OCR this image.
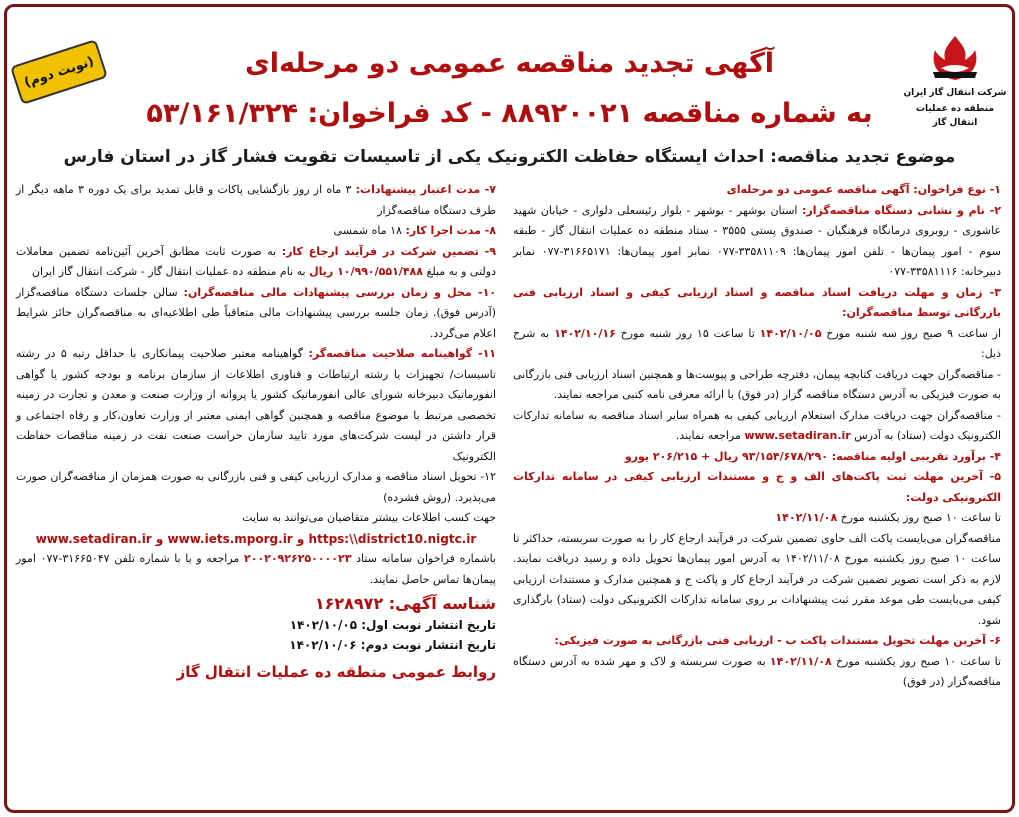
شرکت انتقال گاز ایران
منطقه ده عملیات انتقال گاز
(نوبت دوم)	آگهی تجدید مناقصه عمومی دو مرحله‌ای
به شماره مناقصه ۸۸۹۲۰۰۲۱ - کد فراخوان: ۵۳/۱۶۱/۳۲۴
موضوع تجدید مناقصه: احداث ایستگاه حفاظت الکترونیک یکی از تاسیسات تقویت فشار گاز در استان فارس
۱- نوع فراخوان: آگهی مناقصه عمومی دو مرحله‌ای
۲- نام و نشانی دستگاه مناقصه‌گزار: استان بوشهر - بوشهر - بلوار رئیسعلی دلواری - خیابان شهید عاشوری - روبروی درمانگاه فرهنگیان - صندوق پستی ۳۵۵۵ - ستاد منطقه ده عملیات انتقال گاز - طبقه سوم - امور پیمان‌ها - تلفن امور پیمان‌ها: ۳۳۵۸۱۱۰۹-۰۷۷ نمابر امور پیمان‌ها: ۳۱۶۶۵۱۷۱-۰۷۷ نمابر دبیرخانه: ۳۳۵۸۱۱۱۶-۰۷۷
۳- زمان و مهلت دریافت اسناد مناقصه و اسناد ارزیابی کیفی و اسناد ارزیابی فنی بازرگانی توسط مناقصه‌گران:
از ساعت ۹ صبح روز سه شنبه مورخ ۱۴۰۲/۱۰/۰۵ تا ساعت ۱۵ روز شنبه مورخ ۱۴۰۲/۱۰/۱۶ به شرح ذیل:
- مناقصه‌گران جهت دریافت کتابچه پیمان، دفترچه طراحی و پیوست‌ها و همچنین اسناد ارزیابی فنی بازرگانی به صورت فیزیکی به آدرس دستگاه مناقصه گزار (در فوق) با ارائه معرفی نامه کتبی مراجعه نمایند.
- مناقصه‌گران جهت دریافت مدارک استعلام ارزیابی کیفی به همراه سایر اسناد مناقصه به سامانه تدارکات الکترونیک دولت (ستاد) به آدرس www.setadiran.ir مراجعه نمایند.
۴- برآورد تقریبی اولیه مناقصه: ۹۳/۱۵۴/۶۷۸/۲۹۰ ریال + ۲۰۶/۲۱۵ یورو
۵- آخرین مهلت ثبت پاکت‌های الف و ج و مستندات ارزیابی کیفی در سامانه تدارکات الکترونیکی دولت:
تا ساعت ۱۰ صبح روز یکشنبه مورخ ۱۴۰۲/۱۱/۰۸
مناقصه‌گران می‌بایست پاکت الف حاوی تضمین شرکت در فرآیند ارجاع کار را به صورت سربسته، حداکثر تا ساعت ۱۰ صبح روز یکشنبه مورخ ۱۴۰۲/۱۱/۰۸ به آدرس امور پیمان‌ها تحویل داده و رسید دریافت نمایند. لازم به ذکر است تصویر تضمین شرکت در فرآیند ارجاع کار و پاکت ج و همچنین مدارک و مستندات ارزیابی کیفی می‌بایست طی موعد مقرر ثبت پیشنهادات بر روی سامانه تدارکات الکترونیکی دولت (ستاد) بارگذاری شود.
۶- آخرین مهلت تحویل مستندات پاکت ب - ارزیابی فنی بازرگانی به صورت فیزیکی:
تا ساعت ۱۰ صبح روز یکشنبه مورخ ۱۴۰۲/۱۱/۰۸ به صورت سربسته و لاک و مهر شده به آدرس دستگاه مناقصه‌گزار (در فوق)
۷- مدت اعتبار پیشنهادات: ۳ ماه از روز بازگشایی پاکات و قابل تمدید برای یک دوره ۳ ماهه دیگر از طرف دستگاه مناقصه‌گزار
۸- مدت اجرا کار: ۱۸ ماه شمسی
۹- تضمین شرکت در فرآیند ارجاع کار: به صورت ثابت مطابق آخرین آئین‌نامه تضمین معاملات دولتی و به مبلغ ۱۰/۹۹۰/۵۵۱/۴۸۸ ریال به نام منطقه ده عملیات انتقال گاز - شرکت انتقال گاز ایران
۱۰- محل و زمان بررسی پیشنهادات مالی مناقصه‌گران: سالن جلسات دستگاه مناقصه‌گزار (آدرس فوق). زمان جلسه بررسی پیشنهادات مالی متعاقباً طی اطلاعیه‌ای به مناقصه‌گران حائز شرایط اعلام می‌گردد.
۱۱- گواهینامه صلاحیت مناقصه‌گر: گواهینامه معتبر صلاحیت پیمانکاری با حداقل رتبه ۵ در رشته تاسیسات/ تجهیزات یا رشته ارتباطات و فناوری اطلاعات از سازمان برنامه و بودجه کشور یا گواهی انفورماتیک دبیرخانه شورای عالی انفورماتیک کشور یا پروانه از وزارت صنعت و معدن و تجارت در زمینه تخصصی مرتبط با موضوع مناقصه و همچنین گواهی ایمنی معتبر از وزارت تعاون،کار و رفاه اجتماعی و قرار داشتن در لیست شرکت‌های مورد تایید سازمان حراست صنعت نفت در زمینه مناقصات حفاظت الکترونیک
۱۲- تحویل اسناد مناقصه و مدارک ارزیابی کیفی و فنی بازرگانی به صورت همزمان از مناقصه‌گران صورت می‌پذیرد. (روش فشرده)
جهت کسب اطلاعات بیشتر متقاضیان می‌توانند به سایت
www.setadiran.ir و www.iets.mporg.ir و https:\\district10.nigtc.ir
باشماره فراخوان سامانه ستاد ۲۰۰۲۰۹۲۶۲۵۰۰۰۰۲۳ مراجعه و یا با شماره تلفن ۳۱۶۶۵۰۴۷-۰۷۷ امور پیمان‌ها تماس حاصل نمایند.
شناسه آگهی: ۱۶۲۸۹۷۲
تاریخ انتشار نوبت اول: ۱۴۰۲/۱۰/۰۵
تاریخ انتشار نوبت دوم: ۱۴۰۲/۱۰/۰۶
روابط عمومی منطقه ده عملیات انتقال گاز
